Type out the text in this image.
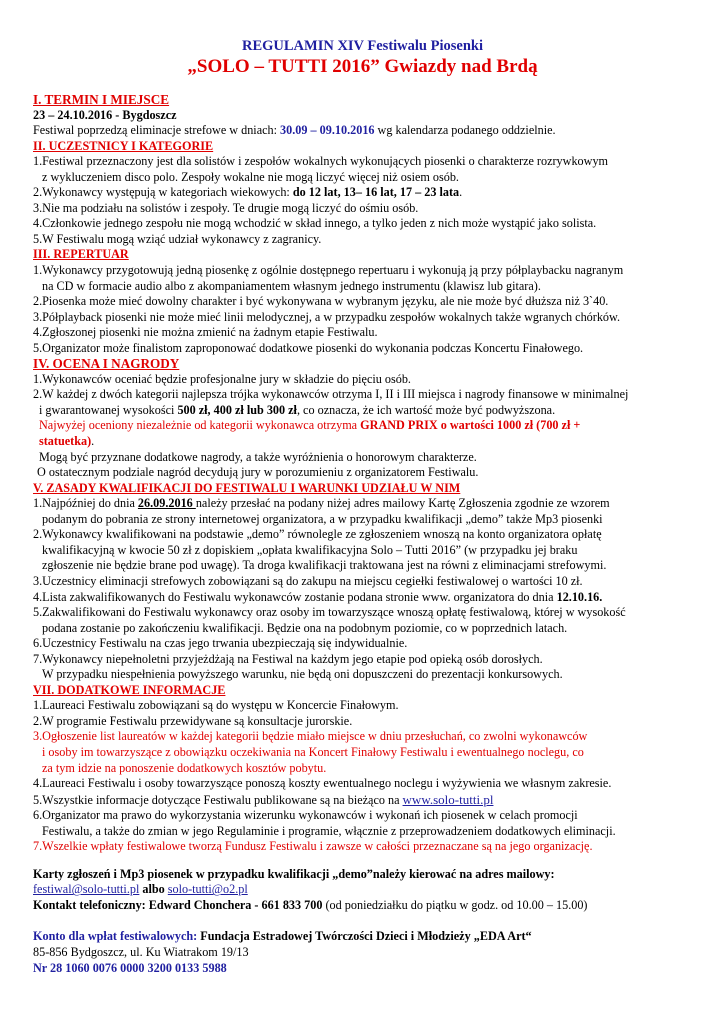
REGULAMIN XIV Festiwalu Piosenki
„SOLO – TUTTI 2016” Gwiazdy nad Brdą
I. TERMIN I MIEJSCE
23 – 24.10.2016 - Bygdoszcz
Festiwal poprzedzą eliminacje strefowe w dniach: 30.09 – 09.10.2016 wg kalendarza podanego oddzielnie.
II. UCZESTNICY I KATEGORIE
1.Festiwal przeznaczony jest dla solistów i zespołów wokalnych wykonujących piosenki o charakterze rozrywkowym
z wykluczeniem disco polo. Zespoły wokalne nie mogą liczyć więcej niż osiem osób.
2.Wykonawcy występują w kategoriach wiekowych: do 12 lat, 13– 16 lat, 17 – 23 lata.
3.Nie ma podziału na solistów i zespoły. Te drugie mogą liczyć do ośmiu osób.
4.Członkowie jednego zespołu nie mogą wchodzić w skład innego, a tylko jeden z nich może wystąpić jako solista.
5.W Festiwalu mogą wziąć udział wykonawcy z zagranicy.
III. REPERTUAR
1.Wykonawcy przygotowują jedną piosenkę z ogólnie dostępnego repertuaru i wykonują ją przy półplaybacku nagranym
na CD w formacie audio albo z akompaniamentem własnym jednego instrumentu (klawisz lub gitara).
2.Piosenka może mieć dowolny charakter i być wykonywana w wybranym języku, ale nie może być dłuższa niż 3`40.
3.Półplayback piosenki nie może mieć linii melodycznej, a w przypadku zespołów wokalnych także wgranych chórków.
4.Zgłoszonej piosenki nie można zmienić na żadnym etapie Festiwalu.
5.Organizator może finalistom zaproponować dodatkowe piosenki do wykonania podczas Koncertu Finałowego.
IV. OCENA I NAGRODY
1.Wykonawców oceniać będzie profesjonalne jury w składzie do pięciu osób.
2.W każdej z dwóch kategorii najlepsza trójka wykonawców otrzyma I, II i III miejsca i nagrody finansowe w minimalnej
i gwarantowanej wysokości 500 zł, 400 zł lub 300 zł, co oznacza, że ich wartość może być podwyższona.
Najwyżej oceniony niezależnie od kategorii wykonawca otrzyma GRAND PRIX o wartości 1000 zł (700 zł +
statuetka).
Mogą być przyznane dodatkowe nagrody, a także wyróżnienia o honorowym charakterze.
O ostatecznym podziale nagród decydują jury w porozumieniu z organizatorem Festiwalu.
V. ZASADY KWALIFIKACJI DO FESTIWALU I WARUNKI UDZIAŁU W NIM
1.Najpóźniej do dnia 26.09.2016 należy przesłać na podany niżej adres mailowy Kartę Zgłoszenia zgodnie ze wzorem
podanym do pobrania ze strony internetowej organizatora, a w przypadku kwalifikacji „demo” także Mp3 piosenki
2.Wykonawcy kwalifikowani na podstawie „demo” równolegle ze zgłoszeniem wnoszą na konto organizatora opłatę
kwalifikacyjną w kwocie 50 zł z dopiskiem „opłata kwalifikacyjna Solo – Tutti 2016” (w przypadku jej braku
zgłoszenie nie będzie brane pod uwagę). Ta droga kwalifikacji traktowana jest na równi z eliminacjami strefowymi.
3.Uczestnicy eliminacji strefowych zobowiązani są do zakupu na miejscu cegiełki festiwalowej o wartości 10 zł.
4.Lista zakwalifikowanych do Festiwalu wykonawców zostanie podana stronie www. organizatora do dnia 12.10.16.
5.Zakwalifikowani do Festiwalu wykonawcy oraz osoby im towarzyszące wnoszą opłatę festiwalową, której w wysokość
podana zostanie po zakończeniu kwalifikacji. Będzie ona na podobnym poziomie, co w poprzednich latach.
6.Uczestnicy Festiwalu na czas jego trwania ubezpieczają się indywidualnie.
7.Wykonawcy niepełnoletni przyjeżdżają na Festiwal na każdym jego etapie pod opieką osób dorosłych.
W przypadku niespełnienia powyższego warunku, nie będą oni dopuszczeni do prezentacji konkursowych.
VII. DODATKOWE INFORMACJE
1.Laureaci Festiwalu zobowiązani są do występu w Koncercie Finałowym.
2.W programie Festiwalu przewidywane są konsultacje jurorskie.
3.Ogłoszenie list laureatów w każdej kategorii będzie miało miejsce w dniu przesłuchań, co zwolni wykonawców
i osoby im towarzyszące z obowiązku oczekiwania na Koncert Finałowy Festiwalu i ewentualnego noclegu, co
za tym idzie na ponoszenie dodatkowych kosztów pobytu.
4.Laureaci Festiwalu i osoby towarzyszące ponoszą koszty ewentualnego noclegu i wyżywienia we własnym zakresie.
5.Wszystkie informacje dotyczące Festiwalu publikowane są na bieżąco na www.solo-tutti.pl
6.Organizator ma prawo do wykorzystania wizerunku wykonawców i wykonań ich piosenek w celach promocji
Festiwalu, a także do zmian w jego Regulaminie i programie, włącznie z przeprowadzeniem dodatkowych eliminacji.
7.Wszelkie wpłaty festiwalowe tworzą Fundusz Festiwalu i zawsze w całości przeznaczane są na jego organizację.
Karty zgłoszeń i Mp3 piosenek w przypadku kwalifikacji „demo”należy kierować na adres mailowy:
festiwal@solo-tutti.pl albo solo-tutti@o2.pl
Kontakt telefoniczny: Edward Chonchera - 661 833 700 (od poniedziałku do piątku w godz. od 10.00 – 15.00)
Konto dla wpłat festiwalowych: Fundacja Estradowej Twórczości Dzieci i Młodzieży „EDA Art“
85-856 Bydgoszcz, ul. Ku Wiatrakom 19/13
Nr 28 1060 0076 0000 3200 0133 5988
